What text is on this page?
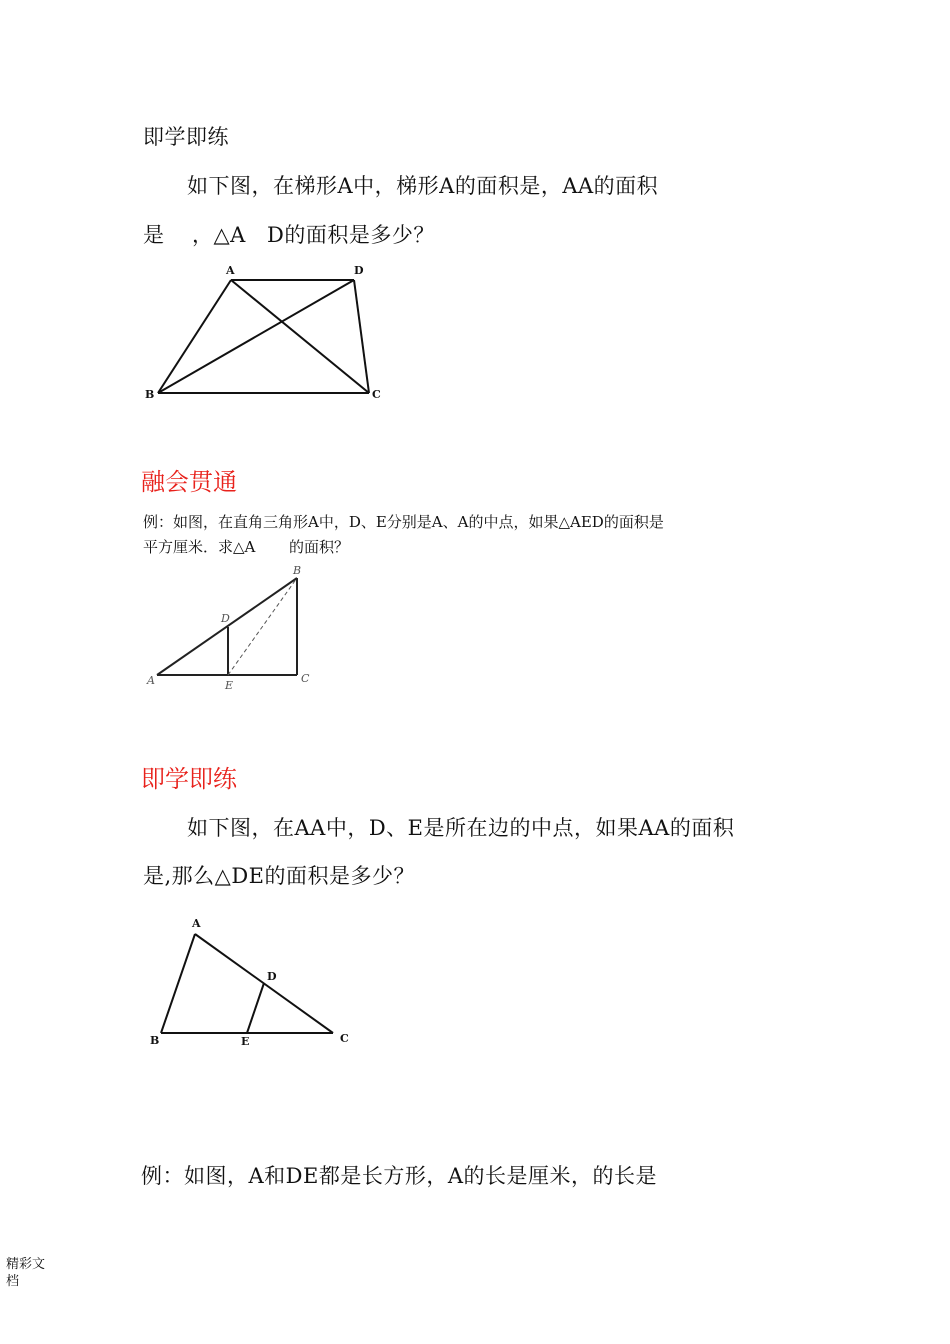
即学即练
如下图，在梯形A中，梯形A的面积是，AA的面积
是 ，△A D的面积是多少？
A	D
B	C
融会贯通
例：如图，在直角三角形A中，D、E分别是A、A的中点，如果△AED的面积是
平方厘米．求△A 的面积？
A
B
C
D
E
即学即练
如下图，在AA中，D、E是所在边的中点，如果AA的面积
是,那么△DE的面积是多少？
A
B	C
D
E
例：如图，A和DE都是长方形，A的长是厘米，的长是
精彩文
档
